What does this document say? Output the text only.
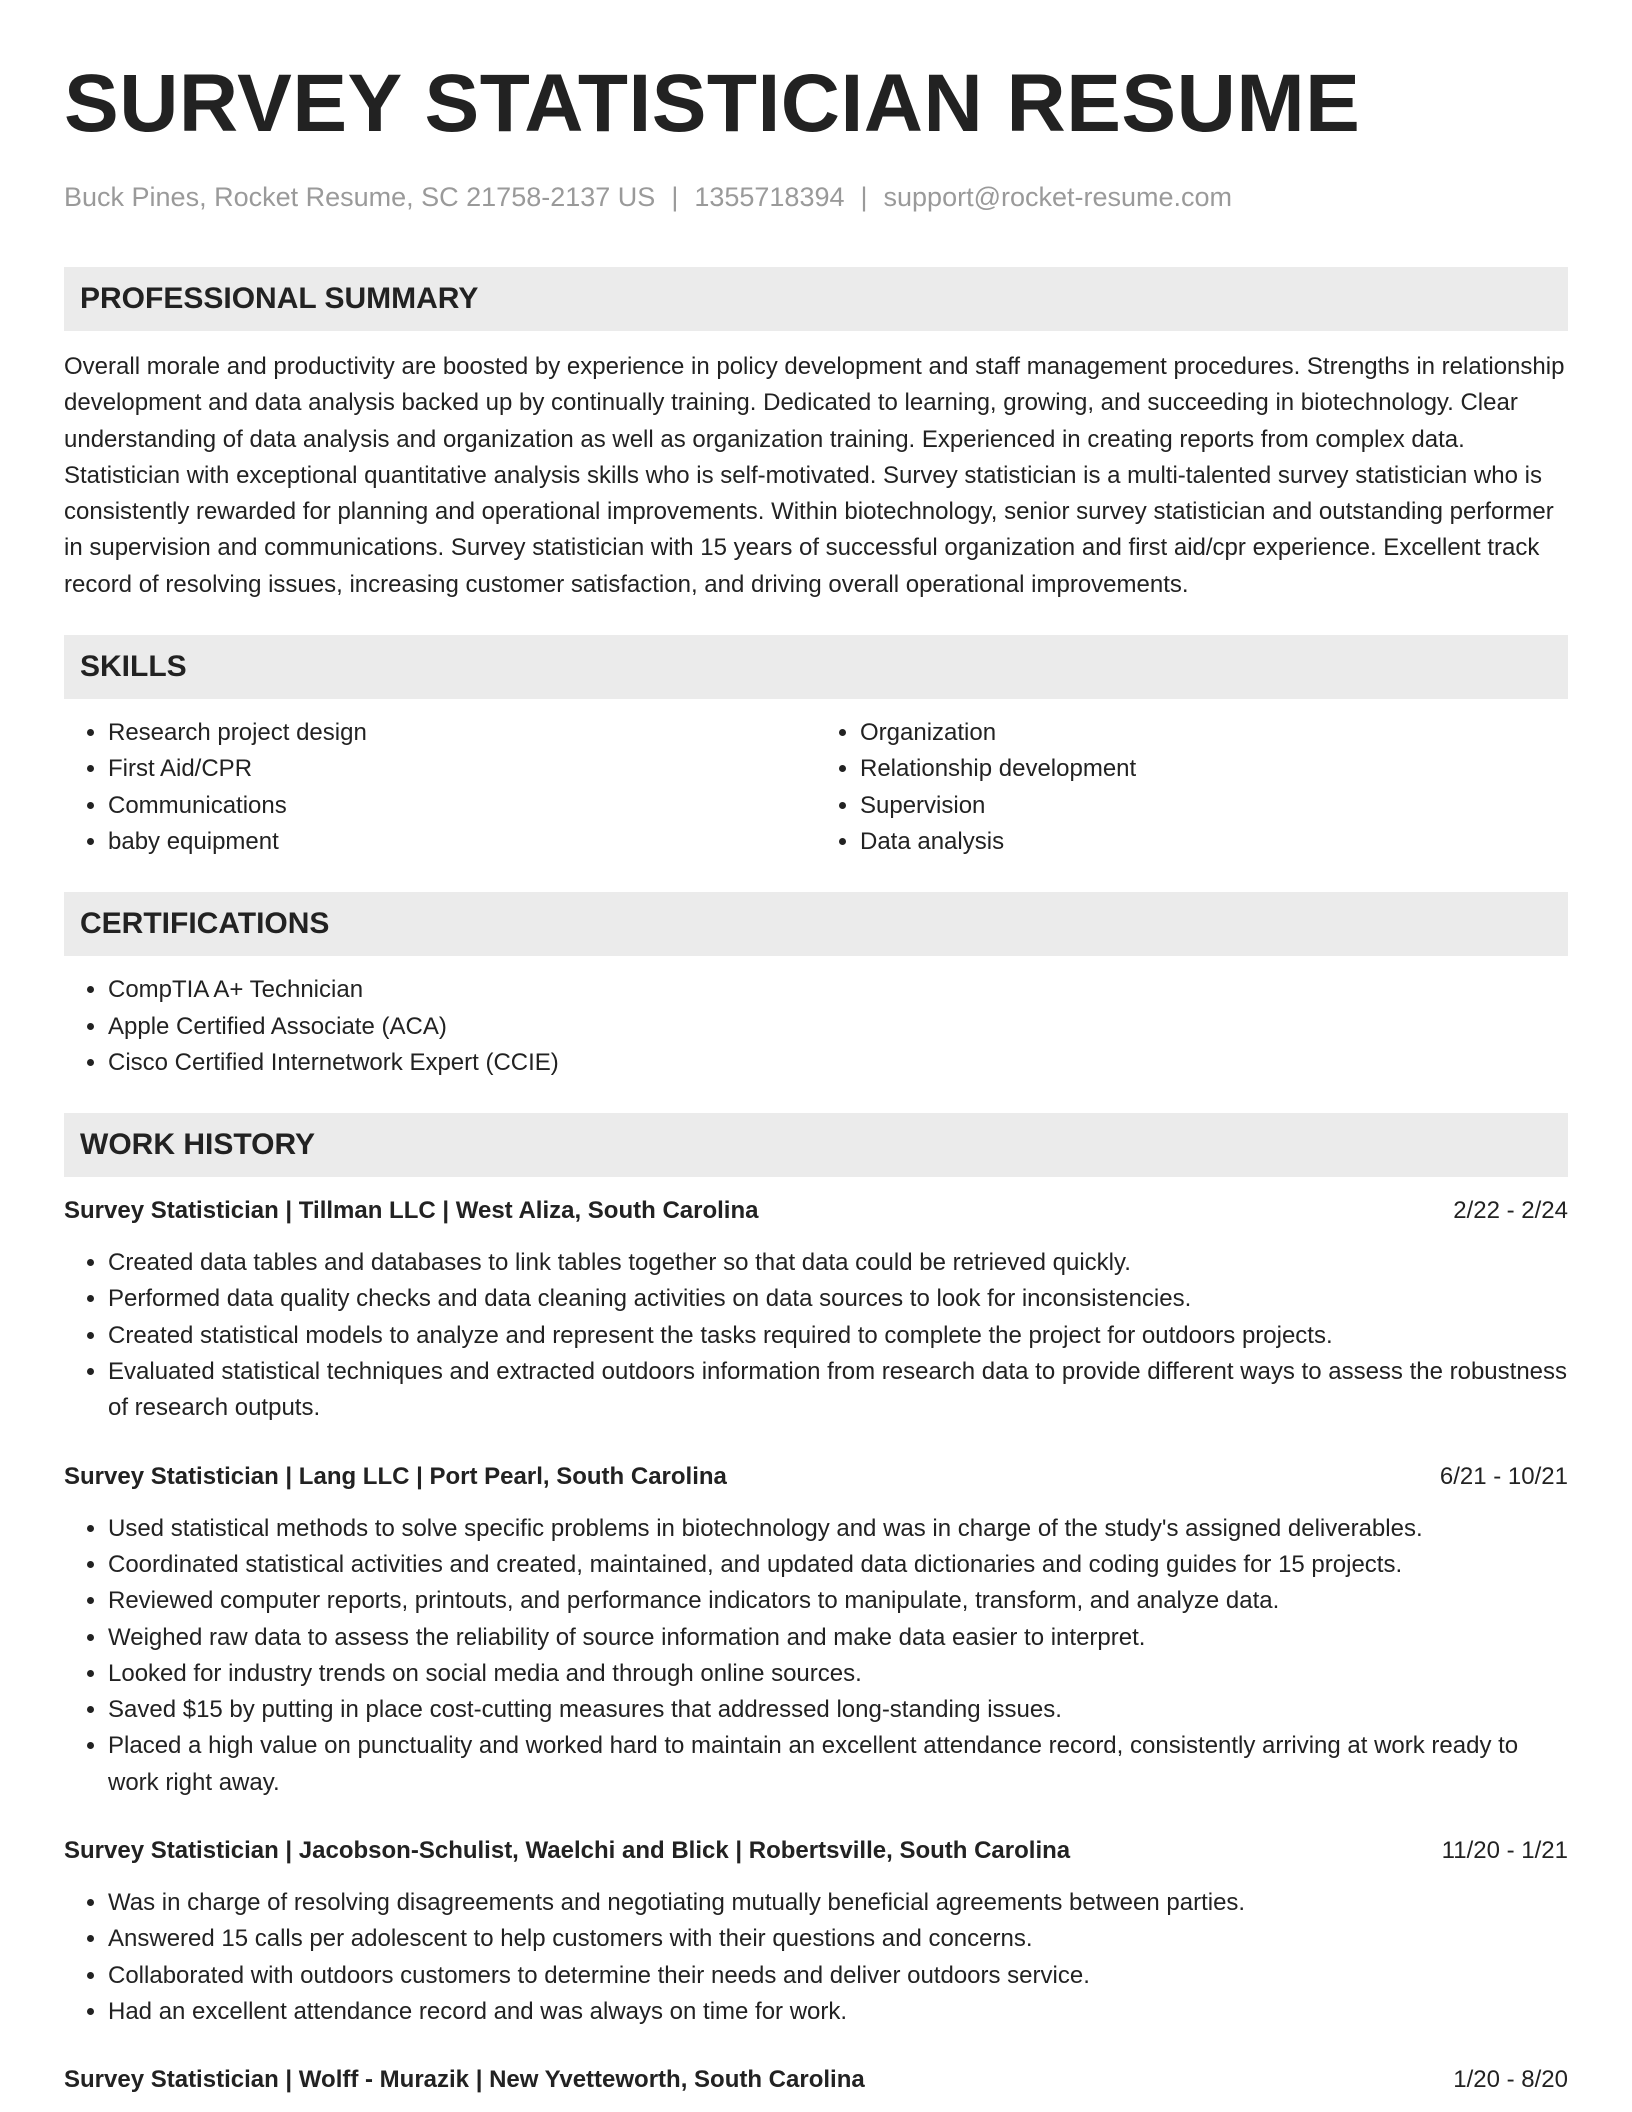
SURVEY STATISTICIAN RESUME
Buck Pines, Rocket Resume, SC 21758-2137 US | 1355718394 | support@rocket-resume.com
PROFESSIONAL SUMMARY

Overall morale and productivity are boosted by experience in policy development and staff management procedures. Strengths in relationship development and data analysis backed up by continually training. Dedicated to learning, growing, and succeeding in biotechnology. Clear understanding of data analysis and organization as well as organization training. Experienced in creating reports from complex data. Statistician with exceptional quantitative analysis skills who is self-motivated. Survey statistician is a multi-talented survey statistician who is consistently rewarded for planning and operational improvements. Within biotechnology, senior survey statistician and outstanding performer in supervision and communications. Survey statistician with 15 years of successful organization and first aid/cpr experience. Excellent track record of resolving issues, increasing customer satisfaction, and driving overall operational improvements.

SKILLS
• Research project design
• First Aid/CPR
• Communications
• baby equipment
• Organization
• Relationship development
• Supervision
• Data analysis
CERTIFICATIONS
• CompTIA A+ Technician
• Apple Certified Associate (ACA)
• Cisco Certified Internetwork Expert (CCIE)
WORK HISTORY
Survey Statistician | Tillman LLC | West Aliza, South Carolina	2/22 - 2/24
• Created data tables and databases to link tables together so that data could be retrieved quickly.
• Performed data quality checks and data cleaning activities on data sources to look for inconsistencies.
• Created statistical models to analyze and represent the tasks required to complete the project for outdoors projects.
• Evaluated statistical techniques and extracted outdoors information from research data to provide different ways to assess the robustness of research outputs.
Survey Statistician | Lang LLC | Port Pearl, South Carolina	6/21 - 10/21
• Used statistical methods to solve specific problems in biotechnology and was in charge of the study's assigned deliverables.
• Coordinated statistical activities and created, maintained, and updated data dictionaries and coding guides for 15 projects.
• Reviewed computer reports, printouts, and performance indicators to manipulate, transform, and analyze data.
• Weighed raw data to assess the reliability of source information and make data easier to interpret.
• Looked for industry trends on social media and through online sources.
• Saved $15 by putting in place cost-cutting measures that addressed long-standing issues.
• Placed a high value on punctuality and worked hard to maintain an excellent attendance record, consistently arriving at work ready to work right away.
Survey Statistician | Jacobson-Schulist, Waelchi and Blick | Robertsville, South Carolina	11/20 - 1/21
• Was in charge of resolving disagreements and negotiating mutually beneficial agreements between parties.
• Answered 15 calls per adolescent to help customers with their questions and concerns.
• Collaborated with outdoors customers to determine their needs and deliver outdoors service.
• Had an excellent attendance record and was always on time for work.
Survey Statistician | Wolff - Murazik | New Yvetteworth, South Carolina	1/20 - 8/20
